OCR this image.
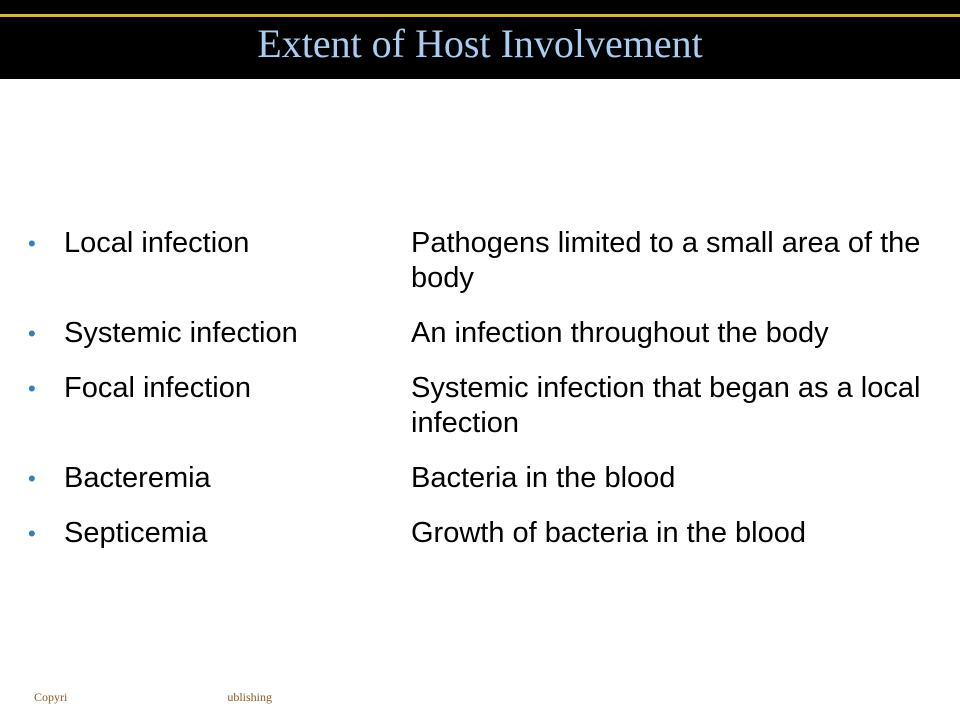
Extent of Host Involvement
• Local infection	Pathogens limited to a small area of the body
• Systemic infection	An infection throughout the body
• Focal infection	Systemic infection that began as a local infection
• Bacteremia	Bacteria in the blood
• Septicemia	Growth of bacteria in the blood
Copyri	ublishing
